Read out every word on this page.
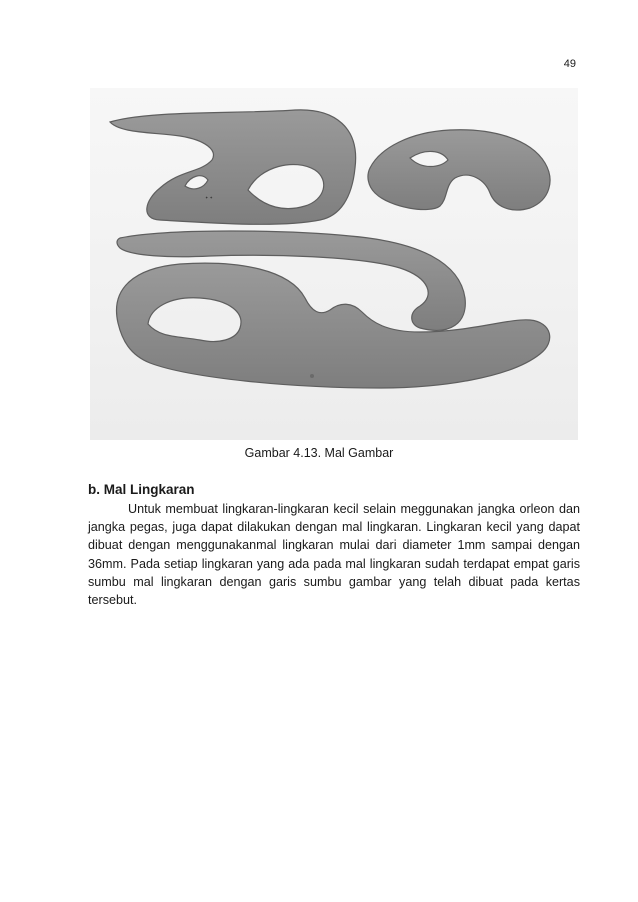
49
✦ ✦
Gambar 4.13. Mal Gambar
b. Mal Lingkaran

Untuk membuat lingkaran-lingkaran kecil selain meggunakan jangka orleon dan jangka pegas, juga dapat dilakukan dengan mal lingkaran. Lingkaran kecil yang dapat dibuat dengan menggunakanmal lingkaran mulai dari diameter 1mm sampai dengan 36mm. Pada setiap lingkaran yang ada pada mal lingkaran sudah terdapat empat garis sumbu mal lingkaran dengan garis sumbu gambar yang telah dibuat pada kertas tersebut.
